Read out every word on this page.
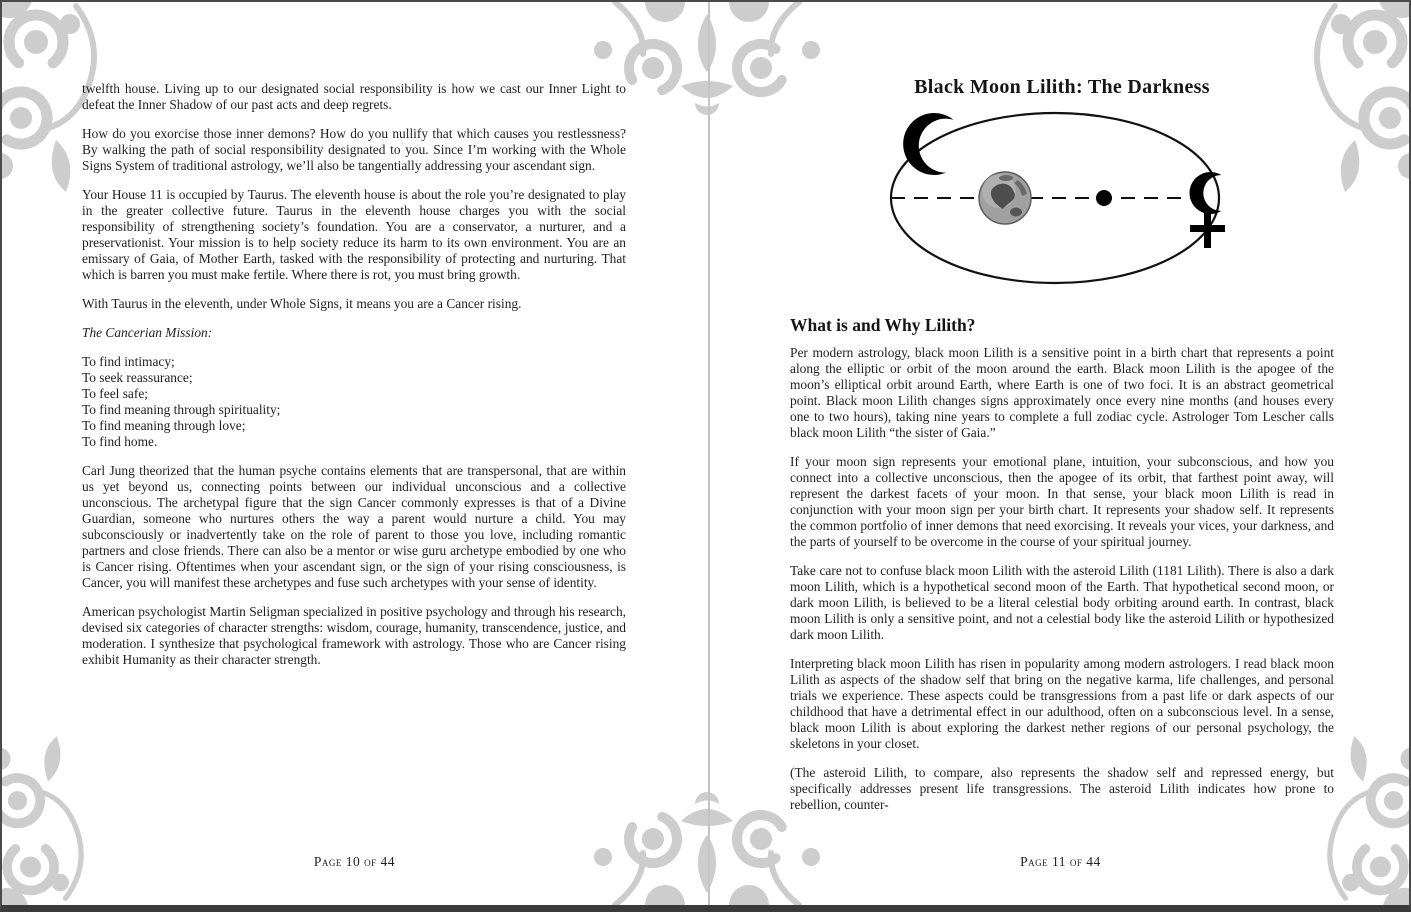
twelfth house. Living up to our designated social responsibility is how we cast our Inner Light to defeat the Inner Shadow of our past acts and deep regrets.

How do you exorcise those inner demons? How do you nullify that which causes you restlessness? By walking the path of social responsibility designated to you. Since I’m working with the Whole Signs System of traditional astrology, we’ll also be tangentially addressing your ascendant sign.

Your House 11 is occupied by Taurus. The eleventh house is about the role you’re designated to play in the greater collective future. Taurus in the eleventh house charges you with the social responsibility of strengthening society’s foundation. You are a conservator, a nurturer, and a preservationist. Your mission is to help society reduce its harm to its own environment. You are an emissary of Gaia, of Mother Earth, tasked with the responsibility of protecting and nurturing. That which is barren you must make fertile. Where there is rot, you must bring growth.

With Taurus in the eleventh, under Whole Signs, it means you are a Cancer rising.

The Cancerian Mission:

To find intimacy;
To seek reassurance;
To feel safe;
To find meaning through spirituality;
To find meaning through love;
To find home.

Carl Jung theorized that the human psyche contains elements that are transpersonal, that are within us yet beyond us, connecting points between our individual unconscious and a collective unconscious. The archetypal figure that the sign Cancer commonly expresses is that of a Divine Guardian, someone who nurtures others the way a parent would nurture a child. You may subconsciously or inadvertently take on the role of parent to those you love, including romantic partners and close friends. There can also be a mentor or wise guru archetype embodied by one who is Cancer rising. Oftentimes when your ascendant sign, or the sign of your rising consciousness, is Cancer, you will manifest these archetypes and fuse such archetypes with your sense of identity.

American psychologist Martin Seligman specialized in positive psychology and through his research, devised six categories of character strengths: wisdom, courage, humanity, transcendence, justice, and moderation. I synthesize that psychological framework with astrology. Those who are Cancer rising exhibit Humanity as their character strength.

Black Moon Lilith: The Darkness
What is and Why Lilith?

Per modern astrology, black moon Lilith is a sensitive point in a birth chart that represents a point along the elliptic or orbit of the moon around the earth. Black moon Lilith is the apogee of the moon’s elliptical orbit around Earth, where Earth is one of two foci. It is an abstract geometrical point. Black moon Lilith changes signs approximately once every nine months (and houses every one to two hours), taking nine years to complete a full zodiac cycle. Astrologer Tom Lescher calls black moon Lilith “the sister of Gaia.”

If your moon sign represents your emotional plane, intuition, your subconscious, and how you connect into a collective unconscious, then the apogee of its orbit, that farthest point away, will represent the darkest facets of your moon. In that sense, your black moon Lilith is read in conjunction with your moon sign per your birth chart. It represents your shadow self. It represents the common portfolio of inner demons that need exorcising. It reveals your vices, your darkness, and the parts of yourself to be overcome in the course of your spiritual journey.

Take care not to confuse black moon Lilith with the asteroid Lilith (1181 Lilith). There is also a dark moon Lilith, which is a hypothetical second moon of the Earth. That hypothetical second moon, or dark moon Lilith, is believed to be a literal celestial body orbiting around earth. In contrast, black moon Lilith is only a sensitive point, and not a celestial body like the asteroid Lilith or hypothesized dark moon Lilith.

Interpreting black moon Lilith has risen in popularity among modern astrologers. I read black moon Lilith as aspects of the shadow self that bring on the negative karma, life challenges, and personal trials we experience. These aspects could be transgressions from a past life or dark aspects of our childhood that have a detrimental effect in our adulthood, often on a subconscious level. In a sense, black moon Lilith is about exploring the darkest nether regions of our personal psychology, the skeletons in your closet.

(The asteroid Lilith, to compare, also represents the shadow self and repressed energy, but specifically addresses present life transgressions. The asteroid Lilith indicates how prone to rebellion, counter-

Page 10 of 44	Page 11 of 44
